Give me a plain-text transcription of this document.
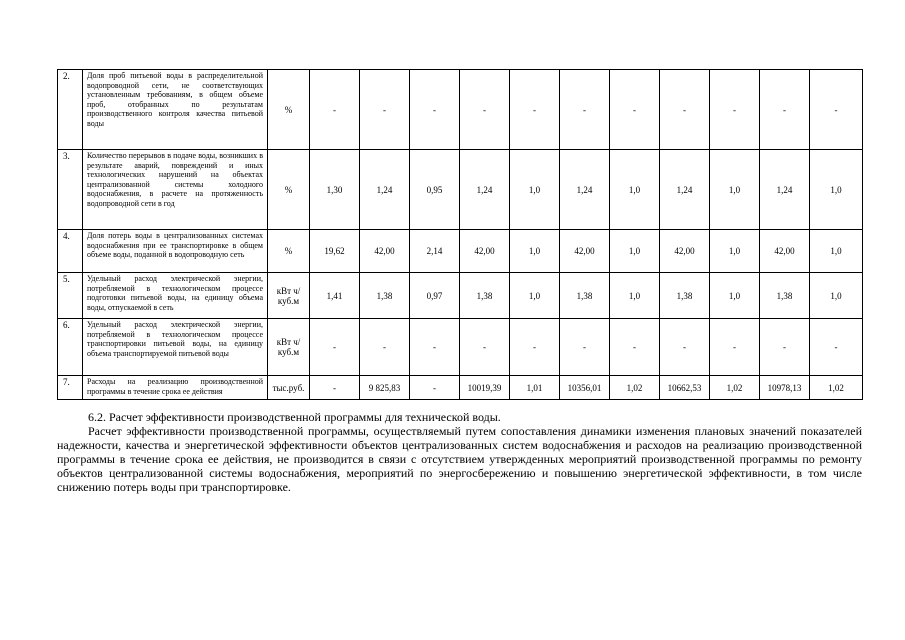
2.	Доля проб питьевой воды в распределительной водопроводной сети, не соответствующих установленным требованиям, в общем объеме проб, отобранных по результатам производственного контроля качества питьевой воды	%	-	-	-	-	-	-	-	-	-	-	-
3.	Количество перерывов в подаче воды, возникших в результате аварий, повреждений и иных технологических нарушений на объектах централизованной системы холодного водоснабжения, в расчете на протяженность водопроводной сети в год	%	1,30	1,24	0,95	1,24	1,0	1,24	1,0	1,24	1,0	1,24	1,0
4.	Доля потерь воды в централизованных системах водоснабжения при ее транспортировке в общем объеме воды, поданной в водопроводную сеть	%	19,62	42,00	2,14	42,00	1,0	42,00	1,0	42,00	1,0	42,00	1,0
5.	Удельный расход электрической энергии, потребляемой в технологическом процессе подготовки питьевой воды, на единицу объема воды, отпускаемой в сеть	кВт ч/куб.м	1,41	1,38	0,97	1,38	1,0	1,38	1,0	1,38	1,0	1,38	1,0
6.	Удельный расход электрической энергии, потребляемой в технологическом процессе транспортировки питьевой воды, на единицу объема транспортируемой питьевой воды	кВт ч/куб.м	-	-	-	-	-	-	-	-	-	-	-
7.	Расходы на реализацию производственной программы в течение срока ее действия	тыс.руб.	-	9 825,83	-	10019,39	1,01	10356,01	1,02	10662,53	1,02	10978,13	1,02

6.2. Расчет эффективности производственной программы для технической воды.

Расчет эффективности производственной программы, осуществляемый путем сопоставления динамики изменения плановых значений показателей надежности, качества и энергетической эффективности объектов централизованных систем водоснабжения и расходов на реализацию производственной программы в течение срока ее действия, не производится в связи с отсутствием утвержденных мероприятий производственной программы по ремонту объектов централизованной системы водоснабжения, мероприятий по энергосбережению и повышению энергетической эффективности, в том числе снижению потерь воды при транспортировке.
